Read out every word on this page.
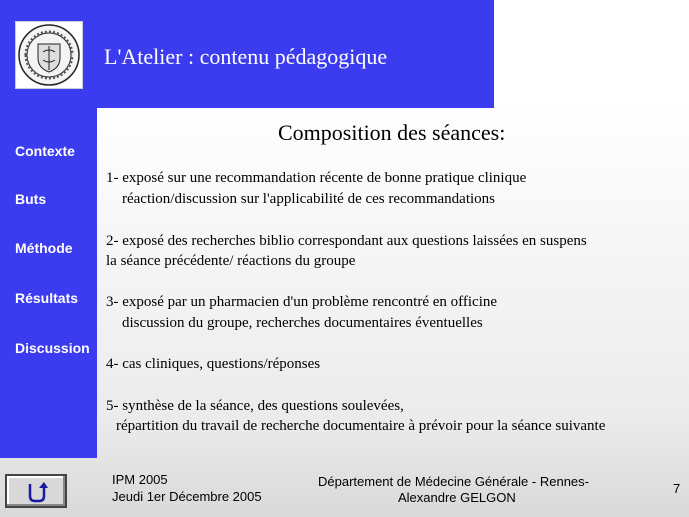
L'Atelier : contenu pédagogique
Contexte
Buts
Méthode
Résultats
Discussion
Composition des séances:
1- exposé sur une recommandation récente de bonne pratique clinique
réaction/discussion sur l'applicabilité de ces recommandations
2- exposé des recherches biblio correspondant aux questions laissées en suspens
la séance précédente/ réactions du groupe
3- exposé par un pharmacien d'un problème rencontré en officine
discussion du groupe, recherches documentaires éventuelles
4- cas cliniques, questions/réponses
5- synthèse de la séance, des questions soulevées,
répartition du travail de recherche documentaire à prévoir pour la séance suivante
IPM 2005
Jeudi 1er Décembre 2005
Département de Médecine Générale - Rennes-
Alexandre GELGON
7
